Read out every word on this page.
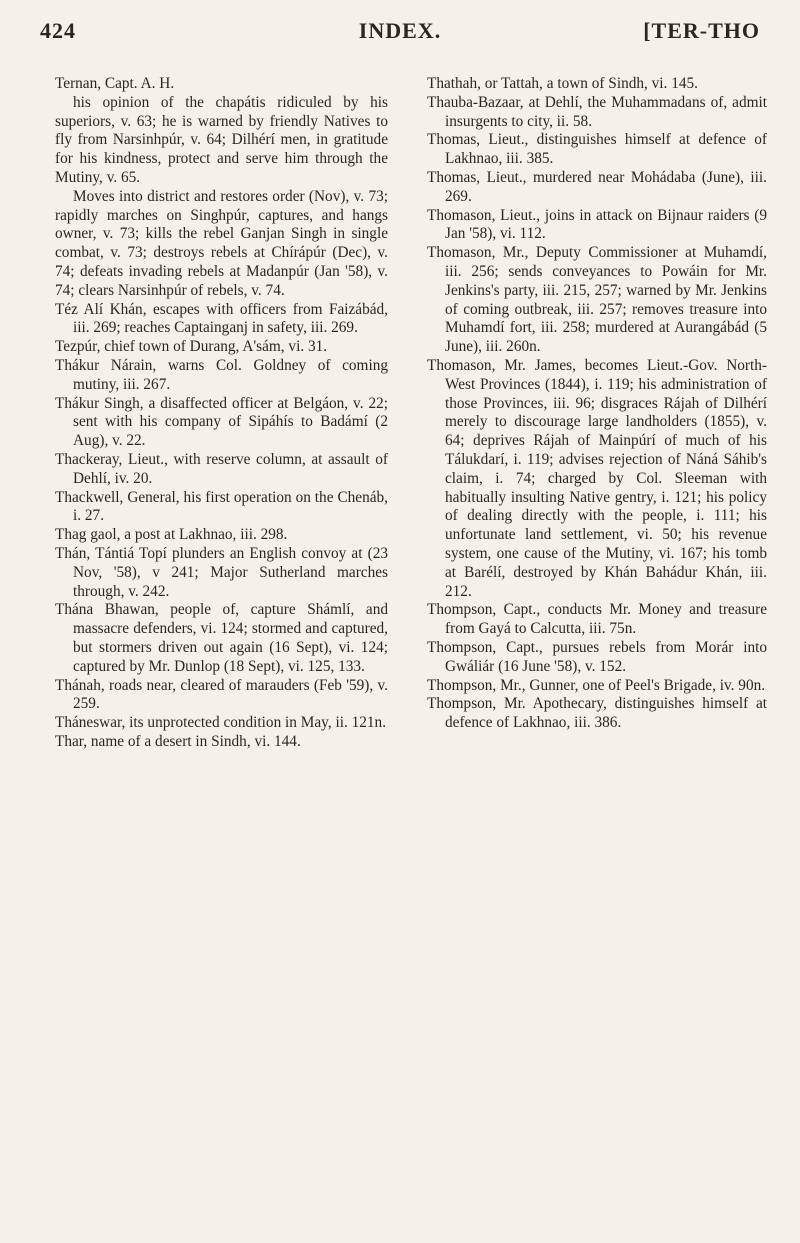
424	INDEX.	[TER-THO

Ternan, Capt. A. H.

his opinion of the chapátis ridiculed by his superiors, v. 63; he is warned by friendly Natives to fly from Narsinhpúr, v. 64; Dilhérí men, in gratitude for his kindness, protect and serve him through the Mutiny, v. 65.

Moves into district and restores order (Nov), v. 73; rapidly marches on Singhpúr, captures, and hangs owner, v. 73; kills the rebel Ganjan Singh in single combat, v. 73; destroys rebels at Chírápúr (Dec), v. 74; defeats invading rebels at Madanpúr (Jan '58), v. 74; clears Narsinhpúr of rebels, v. 74.

Téz Alí Khán, escapes with officers from Faizábád, iii. 269; reaches Captainganj in safety, iii. 269.

Tezpúr, chief town of Durang, A'sám, vi. 31.

Thákur Nárain, warns Col. Goldney of coming mutiny, iii. 267.

Thákur Singh, a disaffected officer at Belgáon, v. 22; sent with his company of Sipáhís to Badámí (2 Aug), v. 22.

Thackeray, Lieut., with reserve column, at assault of Dehlí, iv. 20.

Thackwell, General, his first operation on the Chenáb, i. 27.

Thag gaol, a post at Lakhnao, iii. 298.

Thán, Tántiá Topí plunders an English convoy at (23 Nov, '58), v 241; Major Sutherland marches through, v. 242.

Thána Bhawan, people of, capture Shámlí, and massacre defenders, vi. 124; stormed and captured, but stormers driven out again (16 Sept), vi. 124; captured by Mr. Dunlop (18 Sept), vi. 125, 133.

Thánah, roads near, cleared of marauders (Feb '59), v. 259.

Tháneswar, its unprotected condition in May, ii. 121n.

Thar, name of a desert in Sindh, vi. 144.

Thathah, or Tattah, a town of Sindh, vi. 145.

Thauba-Bazaar, at Dehlí, the Muhammadans of, admit insurgents to city, ii. 58.

Thomas, Lieut., distinguishes himself at defence of Lakhnao, iii. 385.

Thomas, Lieut., murdered near Mohádaba (June), iii. 269.

Thomason, Lieut., joins in attack on Bijnaur raiders (9 Jan '58), vi. 112.

Thomason, Mr., Deputy Commissioner at Muhamdí, iii. 256; sends conveyances to Powáin for Mr. Jenkins's party, iii. 215, 257; warned by Mr. Jenkins of coming outbreak, iii. 257; removes treasure into Muhamdí fort, iii. 258; murdered at Aurangábád (5 June), iii. 260n.

Thomason, Mr. James, becomes Lieut.-Gov. North-West Provinces (1844), i. 119; his administration of those Provinces, iii. 96; disgraces Rájah of Dilhérí merely to discourage large landholders (1855), v. 64; deprives Rájah of Mainpúrí of much of his Tálukdarí, i. 119; advises rejection of Náná Sáhib's claim, i. 74; charged by Col. Sleeman with habitually insulting Native gentry, i. 121; his policy of dealing directly with the people, i. 111; his unfortunate land settlement, vi. 50; his revenue system, one cause of the Mutiny, vi. 167; his tomb at Barélí, destroyed by Khán Bahádur Khán, iii. 212.

Thompson, Capt., conducts Mr. Money and treasure from Gayá to Calcutta, iii. 75n.

Thompson, Capt., pursues rebels from Morár into Gwáliár (16 June '58), v. 152.

Thompson, Mr., Gunner, one of Peel's Brigade, iv. 90n.

Thompson, Mr. Apothecary, distinguishes himself at defence of Lakhnao, iii. 386.
